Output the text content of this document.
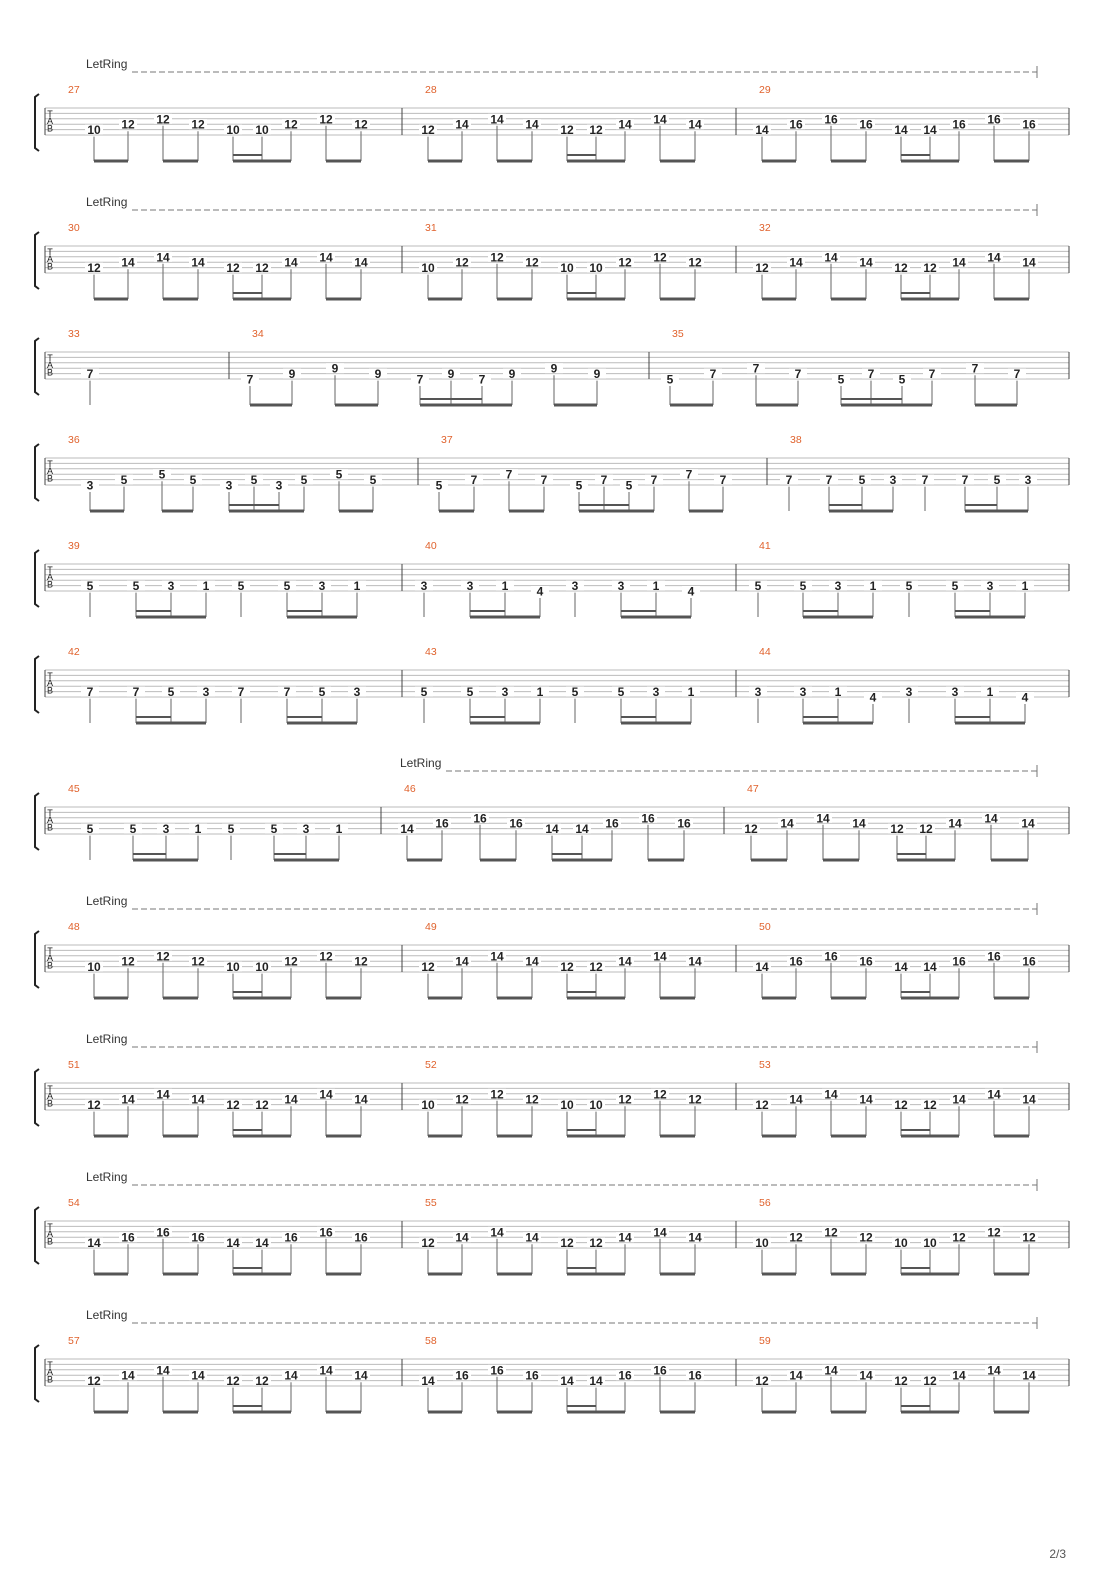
LetRing
T
A
B
27
10 12 12 12 10 10 12 12 12
28
12 14 14 14 12 12 14 14 14
29
14 16 16 16 14 14 16 16 16
LetRing
T
A
B
30
12 14 14 14 12 12 14 14 14
31
10 12 12 12 10 10 12 12 12
32
12 14 14 14 12 12 14 14 14
T
A
B
33
7
34
7	9	9	9	7 9 7 9	9	9
35
5	7	7	7	5 7 5 7	7	7
T
A
B
36
3 5	5 5 3 5 3 5 5 5
37
5 7 7 7 5 7 5 7 7 7
38
7	7 5 3 7	7 5 3
T
A
B
39
5	5 3 1 5	5 3 1
40
3	3 1 4 3	3 1 4
41
5	5 3 1 5	5 3 1
T
A
B
42
7	7 5 3 7	7 5 3
43
5	5 3 1 5	5 3 1
44
3	3 1 4 3	3 1 4
LetRing
T
A
B
45
5	5 3 1 5	5 3 1
46
14 16 16 16 14 14 16 16 16
47
12 14 14 14 12 12 14 14 14
LetRing
T
A
B
48
10 12 12 12 10 10 12 12 12
49
12 14 14 14 12 12 14 14 14
50
14 16 16 16 14 14 16 16 16
LetRing
T
A
B
51
12 14 14 14 12 12 14 14 14
52
10 12 12 12 10 10 12 12 12
53
12 14 14 14 12 12 14 14 14
LetRing
T
A
B
54
14 16 16 16 14 14 16 16 16
55
12 14 14 14 12 12 14 14 14
56
10 12 12 12 10 10 12 12 12
LetRing
T
A
B
57
12 14 14 14 12 12 14 14 14
58
14 16 16 16 14 14 16 16 16
59
12 14 14 14 12 12 14 14 14
2/3
